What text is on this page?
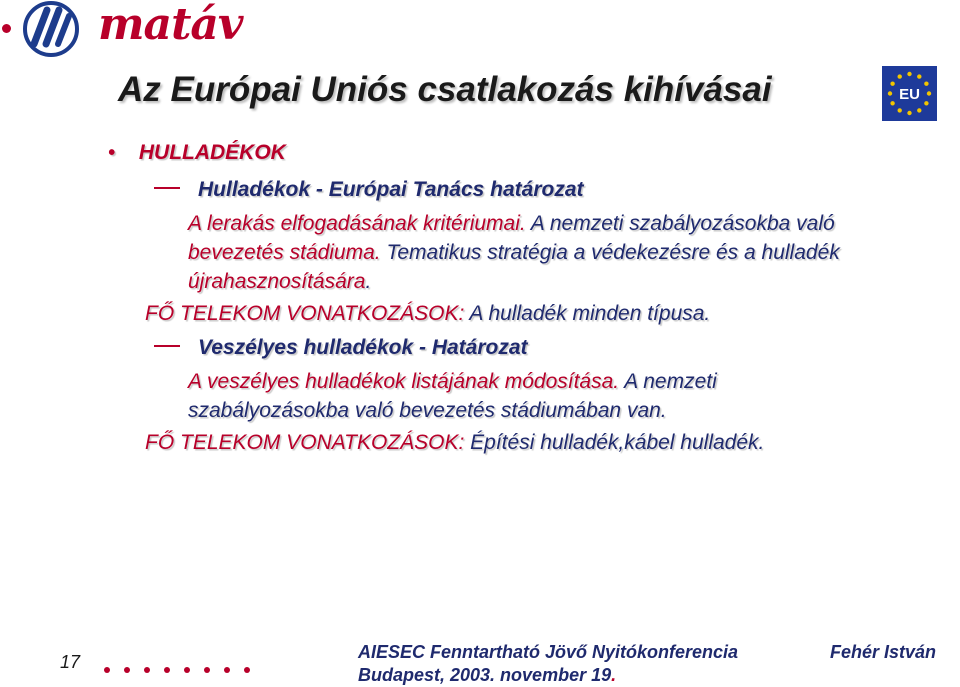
matáv
Az Európai Uniós csatlakozás kihívásai	EU
• HULLADÉKOK
Hulladékok - Európai Tanács határozat
A lerakás elfogadásának kritériumai. A nemzeti szabályozásokba való
bevezetés stádiuma. Tematikus stratégia a védekezésre és a hulladék
újrahasznosítására.
FŐ TELEKOM VONATKOZÁSOK: A hulladék minden típusa.
Veszélyes hulladékok - Határozat
A veszélyes hulladékok listájának módosítása. A nemzeti
szabályozásokba való bevezetés stádiumában van.
FŐ TELEKOM VONATKOZÁSOK: Építési hulladék,kábel hulladék.
17	AIESEC Fenntartható Jövő Nyitókonferencia
Budapest, 2003. november 19.
Fehér István
